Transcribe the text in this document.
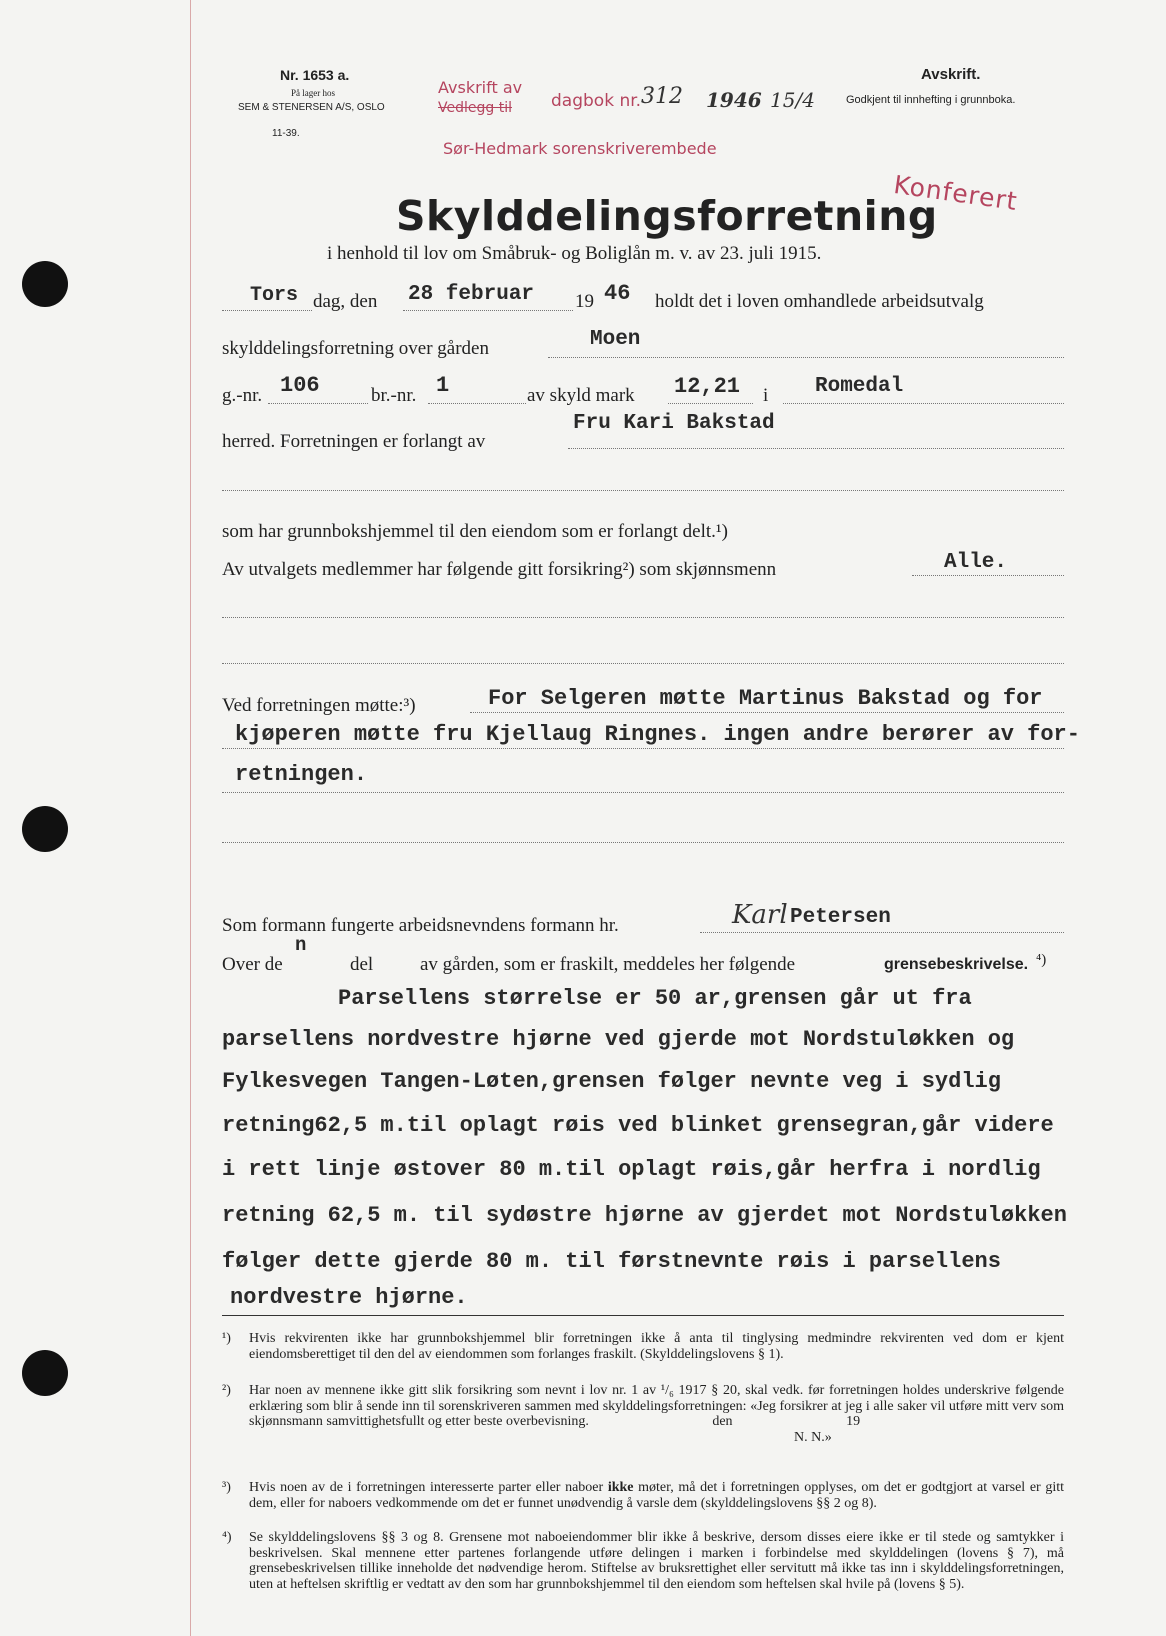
Nr. 1653 a.
På lager hos
SEM & STENERSEN A/S, OSLO
11-39.
Avskrift av
Vedlegg til dagbok nr. 312 1946 15/4
Sør-Hedmark sorenskriverembede
Konferert
Avskrift.
Godkjent til innhefting i grunnboka.
Skylddelingsforretning
i henhold til lov om Småbruk- og Boliglån m. v. av 23. juli 1915.
Tors dag, den 28 februar 19 46 holdt det i loven omhandlede arbeidsutvalg
skylddelingsforretning over gården	Moen
g.-nr. 106	br.-nr. 1	av skyld mark 12,21 i Romedal
herred. Forretningen er forlangt av
Fru Kari Bakstad
som har grunnbokshjemmel til den eiendom som er forlangt delt.¹)
Av utvalgets medlemmer har følgende gitt forsikring²) som skjønnsmenn	Alle.
Ved forretningen møtte:³)	For Selgeren møtte Martinus Bakstad og for
kjøperen møtte fru Kjellaug Ringnes. ingen andre berører av for-
retningen.
Som formann fungerte arbeidsnevndens formann hr.	Karl Petersen
Over de
n
del av gården, som er fraskilt, meddeles her følgende	grensebeskrivelse. ⁴)
Parsellens størrelse er 50 ar,grensen går ut fra
parsellens nordvestre hjørne ved gjerde mot Nordstuløkken og
Fylkesvegen Tangen-Løten,grensen følger nevnte veg i sydlig
retning62,5 m.til oplagt røis ved blinket grensegran,går videre
i rett linje østover 80 m.til oplagt røis,går herfra i nordlig
retning 62,5 m. til sydøstre hjørne av gjerdet mot Nordstuløkken
følger dette gjerde 80 m. til førstnevnte røis i parsellens
nordvestre hjørne.
¹)	Hvis rekvirenten ikke har grunnbokshjemmel blir forretningen ikke å anta til tinglysing medmindre rekvirenten ved dom er kjent eiendomsberettiget til den del av eiendommen som forlanges fraskilt. (Skylddelingslovens § 1).
²)	Har noen av mennene ikke gitt slik forsikring som nevnt i lov nr. 1 av ¹/₆ 1917 § 20, skal vedk. før forretningen holdes underskrive følgende erklæring som blir å sende inn til sorenskriveren sammen med skylddelingsforretningen: «Jeg forsikrer at jeg i alle saker vil utføre mitt verv som skjønnsmann samvittighetsfullt og etter beste overbevisning.	den	19
N. N.»
³)	Hvis noen av de i forretningen interesserte parter eller naboer ikke møter, må det i forretningen opplyses, om det er godtgjort at varsel er gitt dem, eller for naboers vedkommende om det er funnet unødvendig å varsle dem (skylddelingslovens §§ 2 og 8).
⁴)	Se skylddelingslovens §§ 3 og 8. Grensene mot naboeiendommer blir ikke å beskrive, dersom disses eiere ikke er til stede og samtykker i beskrivelsen. Skal mennene etter partenes forlangende utføre delingen i marken i forbindelse med skylddelingen (lovens § 7), må grensebeskrivelsen tillike inneholde det nødvendige herom. Stiftelse av bruksrettighet eller servitutt må ikke tas inn i skylddelingsforretningen, uten at heftelsen skriftlig er vedtatt av den som har grunnbokshjemmel til den eiendom som heftelsen skal hvile på (lovens § 5).
